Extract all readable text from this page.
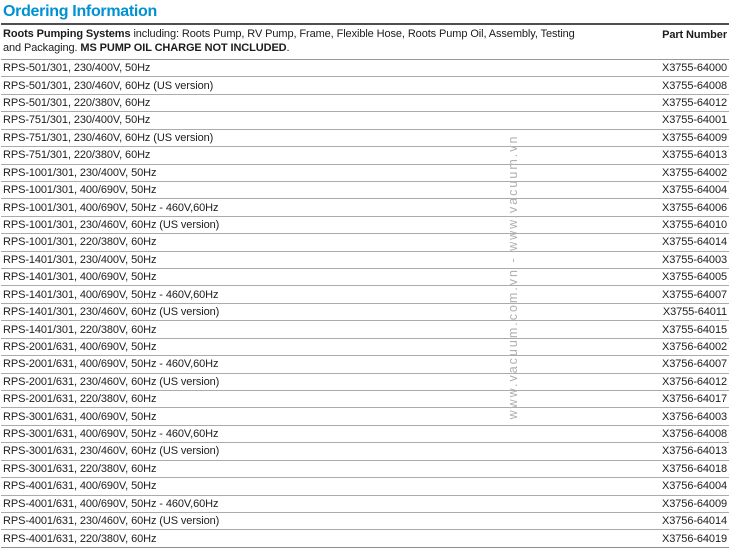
Ordering Information
Roots Pumping Systems including: Roots Pump, RV Pump, Frame, Flexible Hose, Roots Pump Oil, Assembly, Testing and Packaging. MS PUMP OIL CHARGE NOT INCLUDED.
Part Number
RPS-501/301, 230/400V, 50Hz	X3755-64000
RPS-501/301, 230/460V, 60Hz (US version)	X3755-64008
RPS-501/301, 220/380V, 60Hz	X3755-64012
RPS-751/301, 230/400V, 50Hz	X3755-64001
RPS-751/301, 230/460V, 60Hz (US version)	X3755-64009
RPS-751/301, 220/380V, 60Hz	X3755-64013
RPS-1001/301, 230/400V, 50Hz	X3755-64002
RPS-1001/301, 400/690V, 50Hz	X3755-64004
RPS-1001/301, 400/690V, 50Hz - 460V,60Hz	X3755-64006
RPS-1001/301, 230/460V, 60Hz (US version)	X3755-64010
RPS-1001/301, 220/380V, 60Hz	X3755-64014
RPS-1401/301, 230/400V, 50Hz	X3755-64003
RPS-1401/301, 400/690V, 50Hz	X3755-64005
RPS-1401/301, 400/690V, 50Hz - 460V,60Hz	X3755-64007
RPS-1401/301, 230/460V, 60Hz (US version)	X3755-64011
RPS-1401/301, 220/380V, 60Hz	X3755-64015
RPS-2001/631, 400/690V, 50Hz	X3756-64002
RPS-2001/631, 400/690V, 50Hz - 460V,60Hz	X3756-64007
RPS-2001/631, 230/460V, 60Hz (US version)	X3756-64012
RPS-2001/631, 220/380V, 60Hz	X3756-64017
RPS-3001/631, 400/690V, 50Hz	X3756-64003
RPS-3001/631, 400/690V, 50Hz - 460V,60Hz	X3756-64008
RPS-3001/631, 230/460V, 60Hz (US version)	X3756-64013
RPS-3001/631, 220/380V, 60Hz	X3756-64018
RPS-4001/631, 400/690V, 50Hz	X3756-64004
RPS-4001/631, 400/690V, 50Hz - 460V,60Hz	X3756-64009
RPS-4001/631, 230/460V, 60Hz (US version)	X3756-64014
RPS-4001/631, 220/380V, 60Hz	X3756-64019
www.vacuum.com.vn - www.vacuum.vn
